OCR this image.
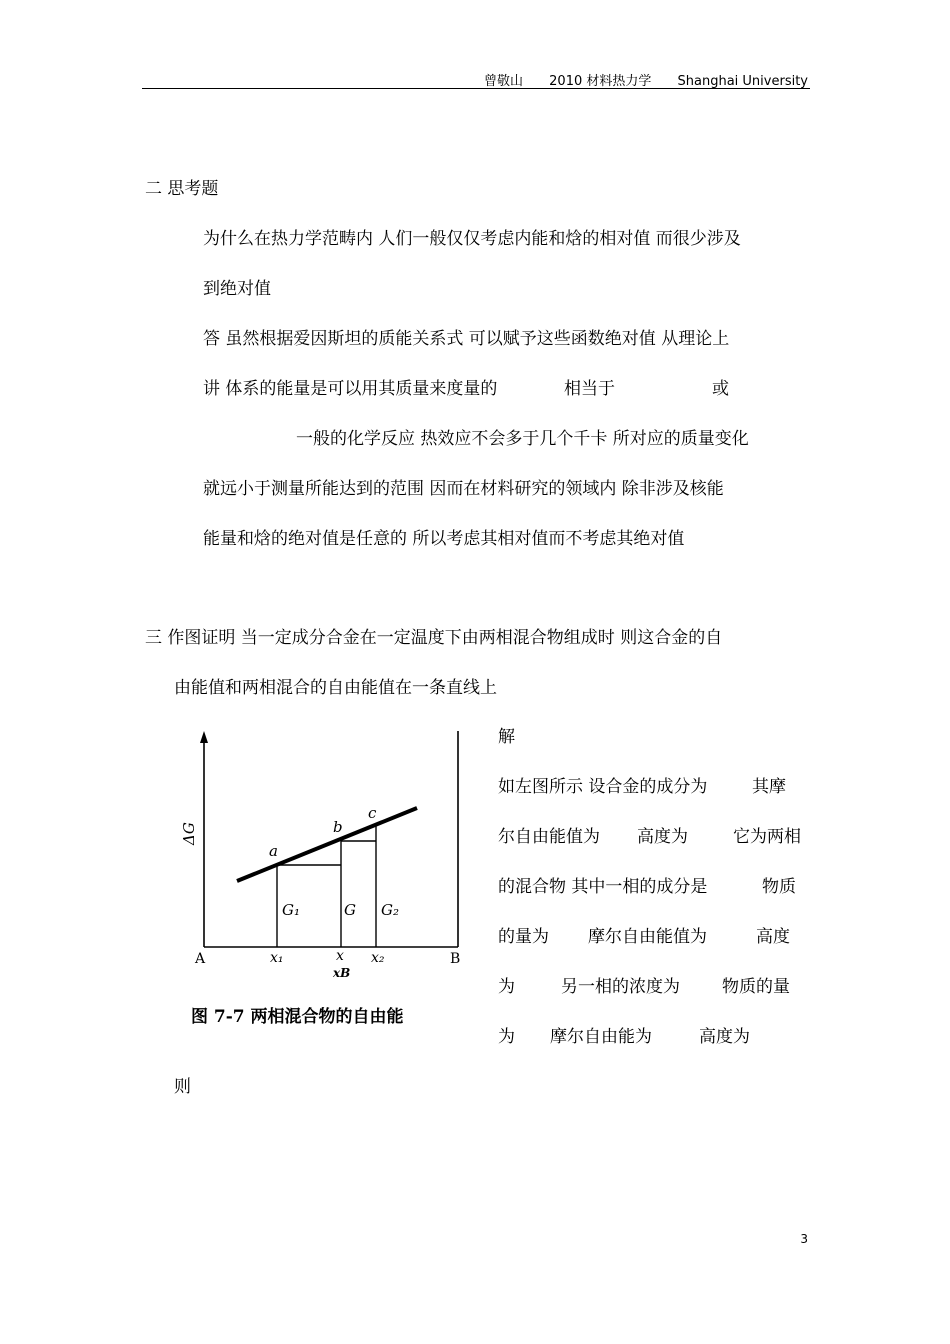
曾敬山 2010 材料热力学 Shanghai University
二 思考题
为什么在热力学范畴内 人们一般仅仅考虑内能和焓的相对值 而很少涉及
到绝对值
答 虽然根据爱因斯坦的质能关系式 可以赋予这些函数绝对值 从理论上
讲 体系的能量是可以用其质量来度量的	相当于	或
一般的化学反应 热效应不会多于几个千卡 所对应的质量变化
就远小于测量所能达到的范围 因而在材料研究的领域内 除非涉及核能
能量和焓的绝对值是任意的 所以考虑其相对值而不考虑其绝对值
三 作图证明 当一定成分合金在一定温度下由两相混合物组成时 则这合金的自
由能值和两相混合的自由能值在一条直线上
解
如左图所示 设合金的成分为	其摩
尔自由能值为 高度为	它为两相
的混合物 其中一相的成分是	物质
的量为 摩尔自由能值为	高度
为	另一相的浓度为 物质的量
为 摩尔自由能为	高度为
则
ΔG
a
b
c
G₁	G G₂
A	B
x₁	x x₂
xB
图 7-7 两相混合物的自由能
3
